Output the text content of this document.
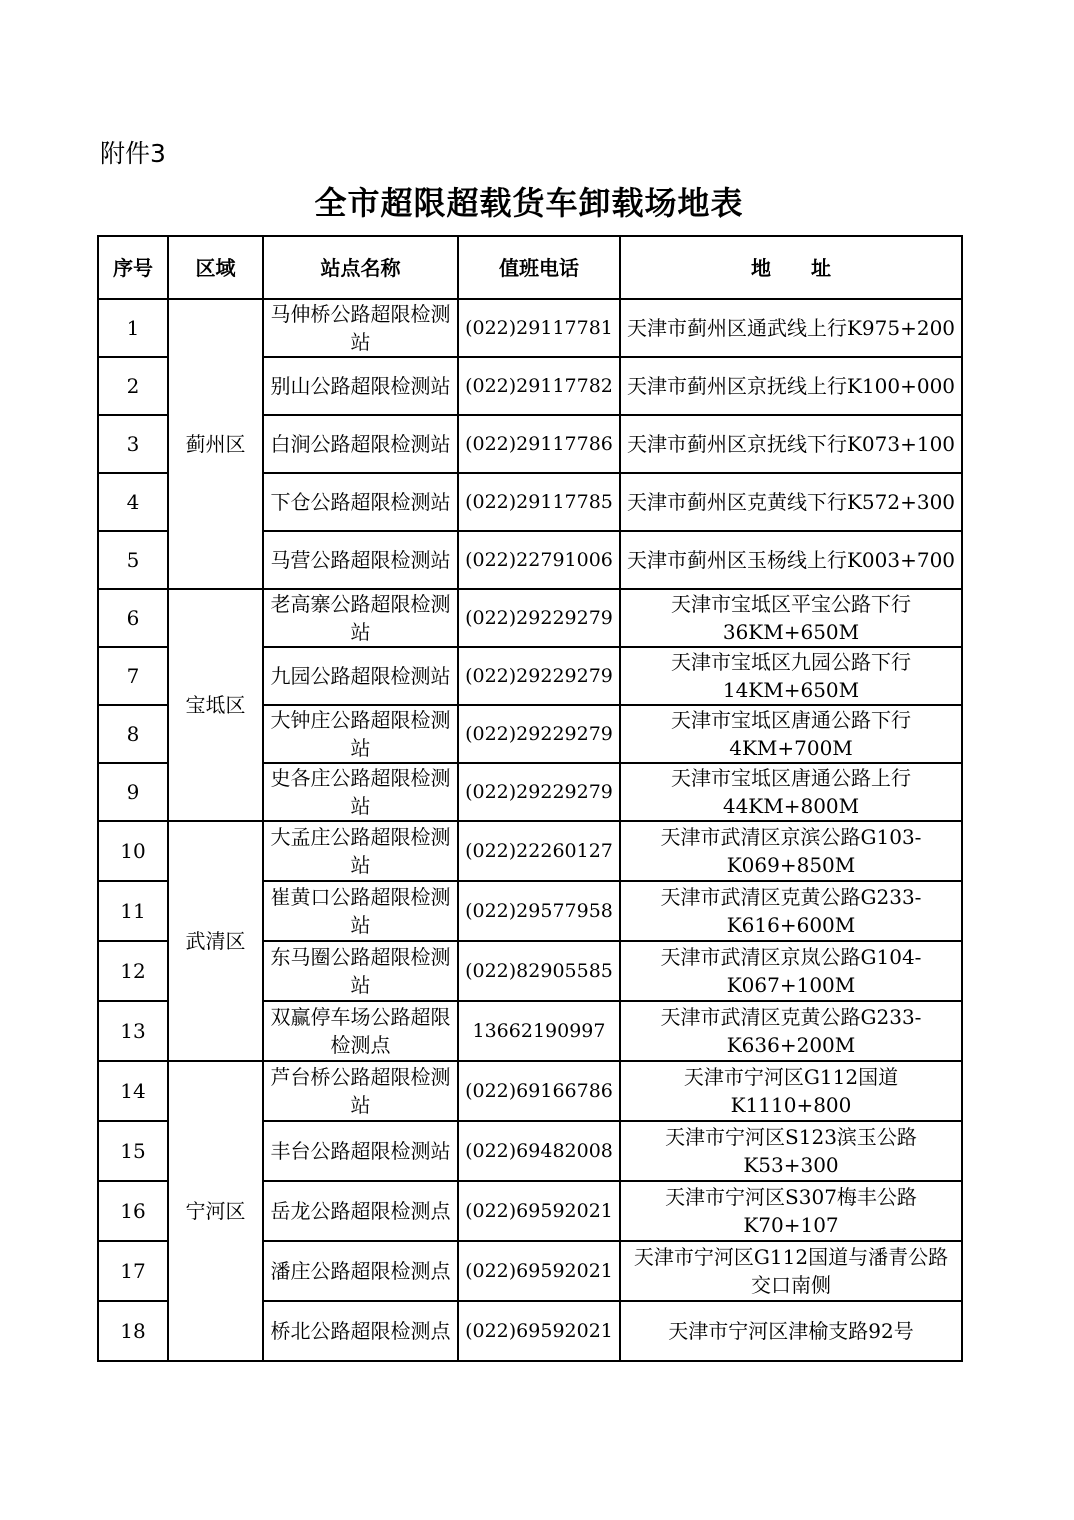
附件3
全市超限超载货车卸载场地表
序号	区域	站点名称	值班电话	地　　址
1	蓟州区	马伸桥公路超限检测站	(022)29117781	天津市蓟州区通武线上行K975+200
2		别山公路超限检测站	(022)29117782	天津市蓟州区京抚线上行K100+000
3		白涧公路超限检测站	(022)29117786	天津市蓟州区京抚线下行K073+100
4		下仓公路超限检测站	(022)29117785	天津市蓟州区克黄线下行K572+300
5		马营公路超限检测站	(022)22791006	天津市蓟州区玉杨线上行K003+700
6	宝坻区	老高寨公路超限检测站	(022)29229279	天津市宝坻区平宝公路下行36KM+650M
7		九园公路超限检测站	(022)29229279	天津市宝坻区九园公路下行14KM+650M
8		大钟庄公路超限检测站	(022)29229279	天津市宝坻区唐通公路下行4KM+700M
9		史各庄公路超限检测站	(022)29229279	天津市宝坻区唐通公路上行44KM+800M
10	武清区	大孟庄公路超限检测站	(022)22260127	天津市武清区京滨公路G103-K069+850M
11		崔黄口公路超限检测站	(022)29577958	天津市武清区克黄公路G233-K616+600M
12		东马圈公路超限检测站	(022)82905585	天津市武清区京岚公路G104-K067+100M
13		双赢停车场公路超限检测点	13662190997	天津市武清区克黄公路G233-K636+200M
14	宁河区	芦台桥公路超限检测站	(022)69166786	天津市宁河区G112国道K1110+800
15		丰台公路超限检测站	(022)69482008	天津市宁河区S123滨玉公路K53+300
16		岳龙公路超限检测点	(022)69592021	天津市宁河区S307梅丰公路K70+107
17		潘庄公路超限检测点	(022)69592021	天津市宁河区G112国道与潘青公路交口南侧
18		桥北公路超限检测点	(022)69592021	天津市宁河区津榆支路92号
